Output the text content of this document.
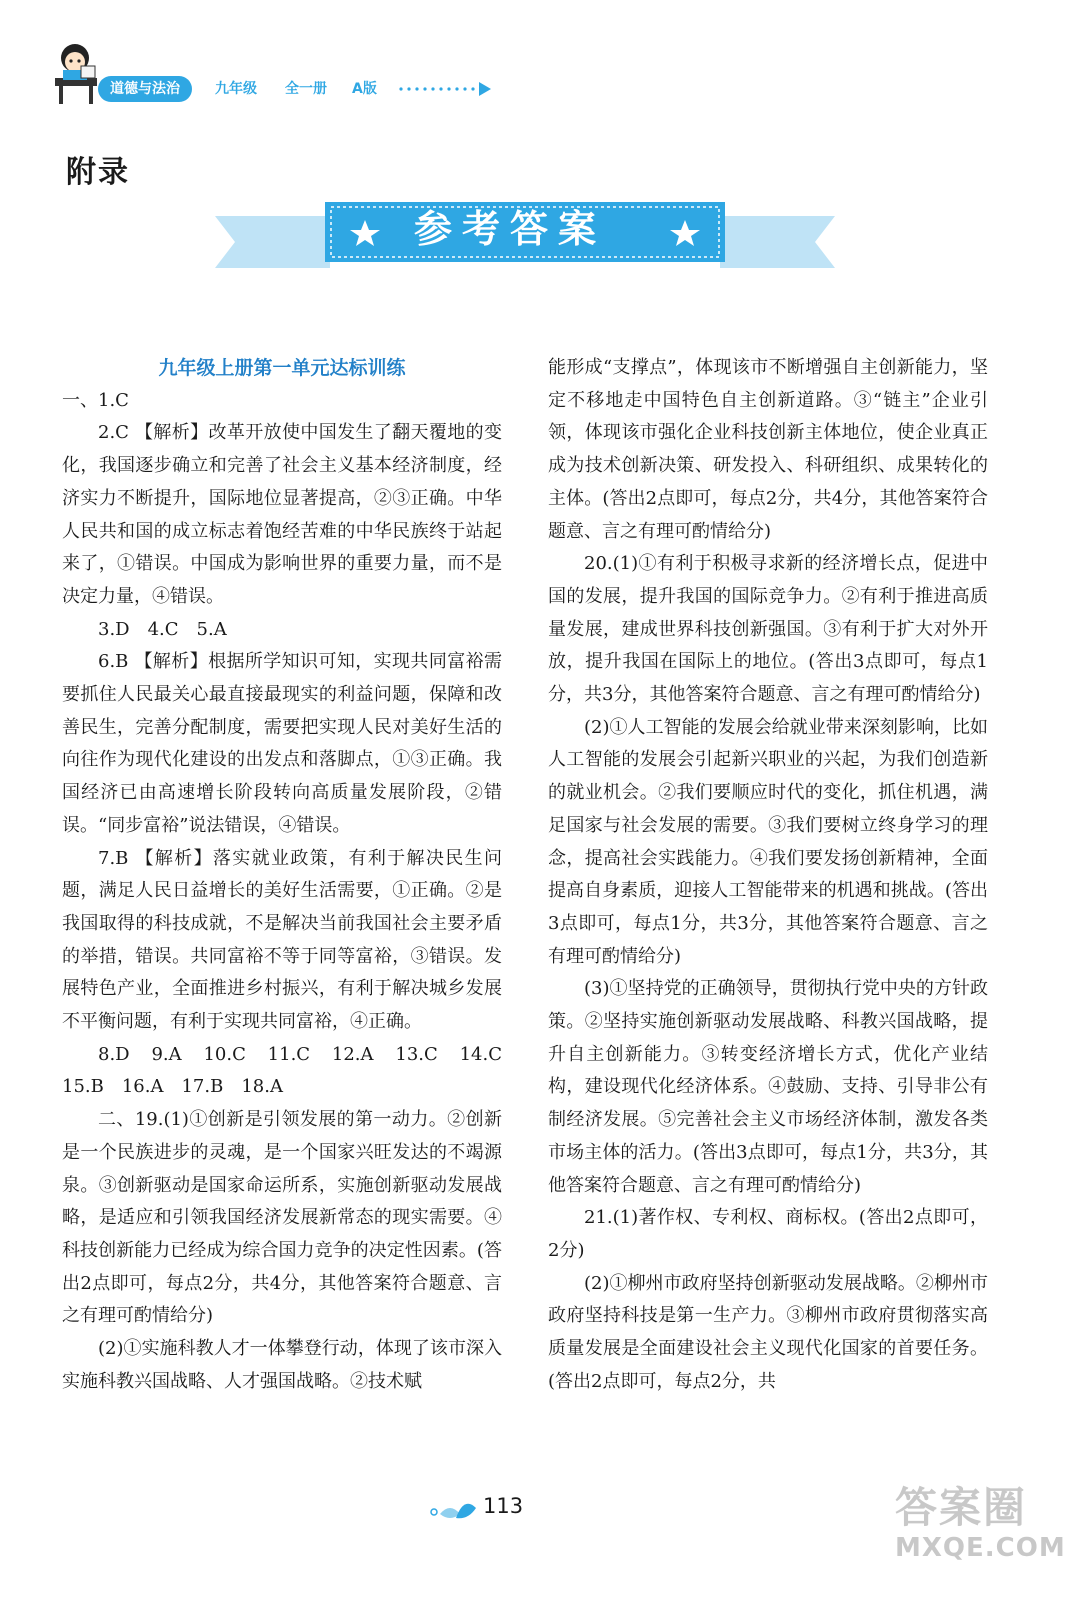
道德与法治	九年级 全一册 A版
附录
参考答案

九年级上册第一单元达标训练

一、1.C

2.C 【解析】改革开放使中国发生了翻天覆地的变化，我国逐步确立和完善了社会主义基本经济制度，经济实力不断提升，国际地位显著提高，②③正确。中华人民共和国的成立标志着饱经苦难的中华民族终于站起来了，①错误。中国成为影响世界的重要力量，而不是决定力量，④错误。

3.D　4.C　5.A

6.B 【解析】根据所学知识可知，实现共同富裕需要抓住人民最关心最直接最现实的利益问题，保障和改善民生，完善分配制度，需要把实现人民对美好生活的向往作为现代化建设的出发点和落脚点，①③正确。我国经济已由高速增长阶段转向高质量发展阶段，②错误。“同步富裕”说法错误，④错误。

7.B 【解析】落实就业政策，有利于解决民生问题，满足人民日益增长的美好生活需要，①正确。②是我国取得的科技成就，不是解决当前我国社会主要矛盾的举措，错误。共同富裕不等于同等富裕，③错误。发展特色产业，全面推进乡村振兴，有利于解决城乡发展不平衡问题，有利于实现共同富裕，④正确。

8.D　9.A　10.C　11.C　12.A　13.C　14.C　15.B　16.A　17.B　18.A

二、19.(1)①创新是引领发展的第一动力。②创新是一个民族进步的灵魂，是一个国家兴旺发达的不竭源泉。③创新驱动是国家命运所系，实施创新驱动发展战略，是适应和引领我国经济发展新常态的现实需要。④科技创新能力已经成为综合国力竞争的决定性因素。(答出2点即可，每点2分，共4分，其他答案符合题意、言之有理可酌情给分)

(2)①实施科教人才一体攀登行动，体现了该市深入实施科教兴国战略、人才强国战略。②技术赋

能形成“支撑点”，体现该市不断增强自主创新能力，坚定不移地走中国特色自主创新道路。③“链主”企业引领，体现该市强化企业科技创新主体地位，使企业真正成为技术创新决策、研发投入、科研组织、成果转化的主体。(答出2点即可，每点2分，共4分，其他答案符合题意、言之有理可酌情给分)

20.(1)①有利于积极寻求新的经济增长点，促进中国的发展，提升我国的国际竞争力。②有利于推进高质量发展，建成世界科技创新强国。③有利于扩大对外开放，提升我国在国际上的地位。(答出3点即可，每点1分，共3分，其他答案符合题意、言之有理可酌情给分)

(2)①人工智能的发展会给就业带来深刻影响，比如人工智能的发展会引起新兴职业的兴起，为我们创造新的就业机会。②我们要顺应时代的变化，抓住机遇，满足国家与社会发展的需要。③我们要树立终身学习的理念，提高社会实践能力。④我们要发扬创新精神，全面提高自身素质，迎接人工智能带来的机遇和挑战。(答出3点即可，每点1分，共3分，其他答案符合题意、言之有理可酌情给分)

(3)①坚持党的正确领导，贯彻执行党中央的方针政策。②坚持实施创新驱动发展战略、科教兴国战略，提升自主创新能力。③转变经济增长方式，优化产业结构，建设现代化经济体系。④鼓励、支持、引导非公有制经济发展。⑤完善社会主义市场经济体制，激发各类市场主体的活力。(答出3点即可，每点1分，共3分，其他答案符合题意、言之有理可酌情给分)

21.(1)著作权、专利权、商标权。(答出2点即可，2分)

(2)①柳州市政府坚持创新驱动发展战略。②柳州市政府坚持科技是第一生产力。③柳州市政府贯彻落实高质量发展是全面建设社会主义现代化国家的首要任务。(答出2点即可，每点2分，共

113	答案圈
MXQE.COM
